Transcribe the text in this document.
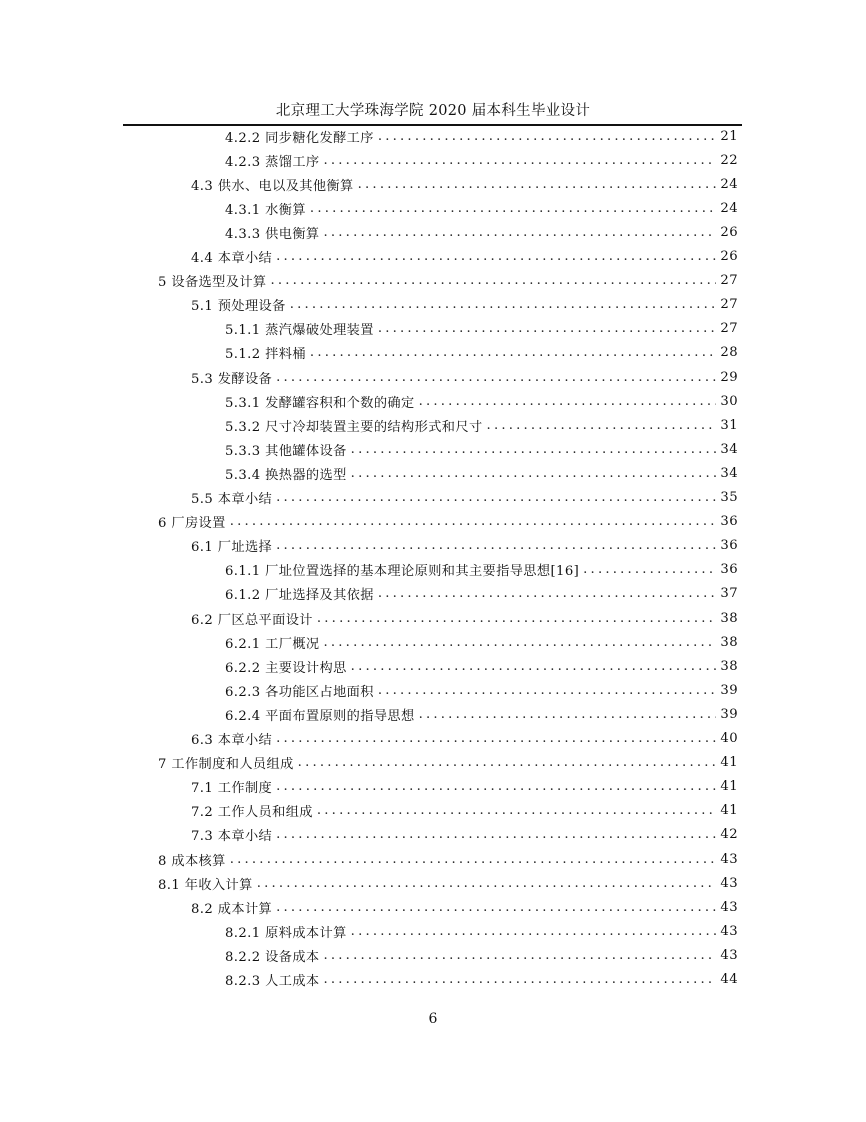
北京理工大学珠海学院 2020 届本科生毕业设计
4.2.2 同步糖化发酵工序 .....	21
4.2.3 蒸馏工序 .....	22
4.3 供水、电以及其他衡算 .....	24
4.3.1 水衡算 .....	24
4.3.3 供电衡算 .....	26
4.4 本章小结 .....	26
5 设备选型及计算 .....	27
5.1 预处理设备 .....	27
5.1.1 蒸汽爆破处理装置 .....	27
5.1.2 拌料桶 .....	28
5.3 发酵设备 .....	29
5.3.1 发酵罐容积和个数的确定 .....	30
5.3.2 尺寸冷却装置主要的结构形式和尺寸 .....	31
5.3.3 其他罐体设备 .....	34
5.3.4 换热器的选型 .....	34
5.5 本章小结 .....	35
6 厂房设置 .....	36
6.1 厂址选择 .....	36
6.1.1 厂址位置选择的基本理论原则和其主要指导思想[16] .....	36
6.1.2 厂址选择及其依据 .....	37
6.2 厂区总平面设计 .....	38
6.2.1 工厂概况 .....	38
6.2.2 主要设计构思 .....	38
6.2.3 各功能区占地面积 .....	39
6.2.4 平面布置原则的指导思想 .....	39
6.3 本章小结 .....	40
7 工作制度和人员组成 .....	41
7.1 工作制度 .....	41
7.2 工作人员和组成 .....	41
7.3 本章小结 .....	42
8 成本核算 .....	43
8.1 年收入计算 .....	43
8.2 成本计算 .....	43
8.2.1 原料成本计算 .....	43
8.2.2 设备成本 .....	43
8.2.3 人工成本 .....	44
6
